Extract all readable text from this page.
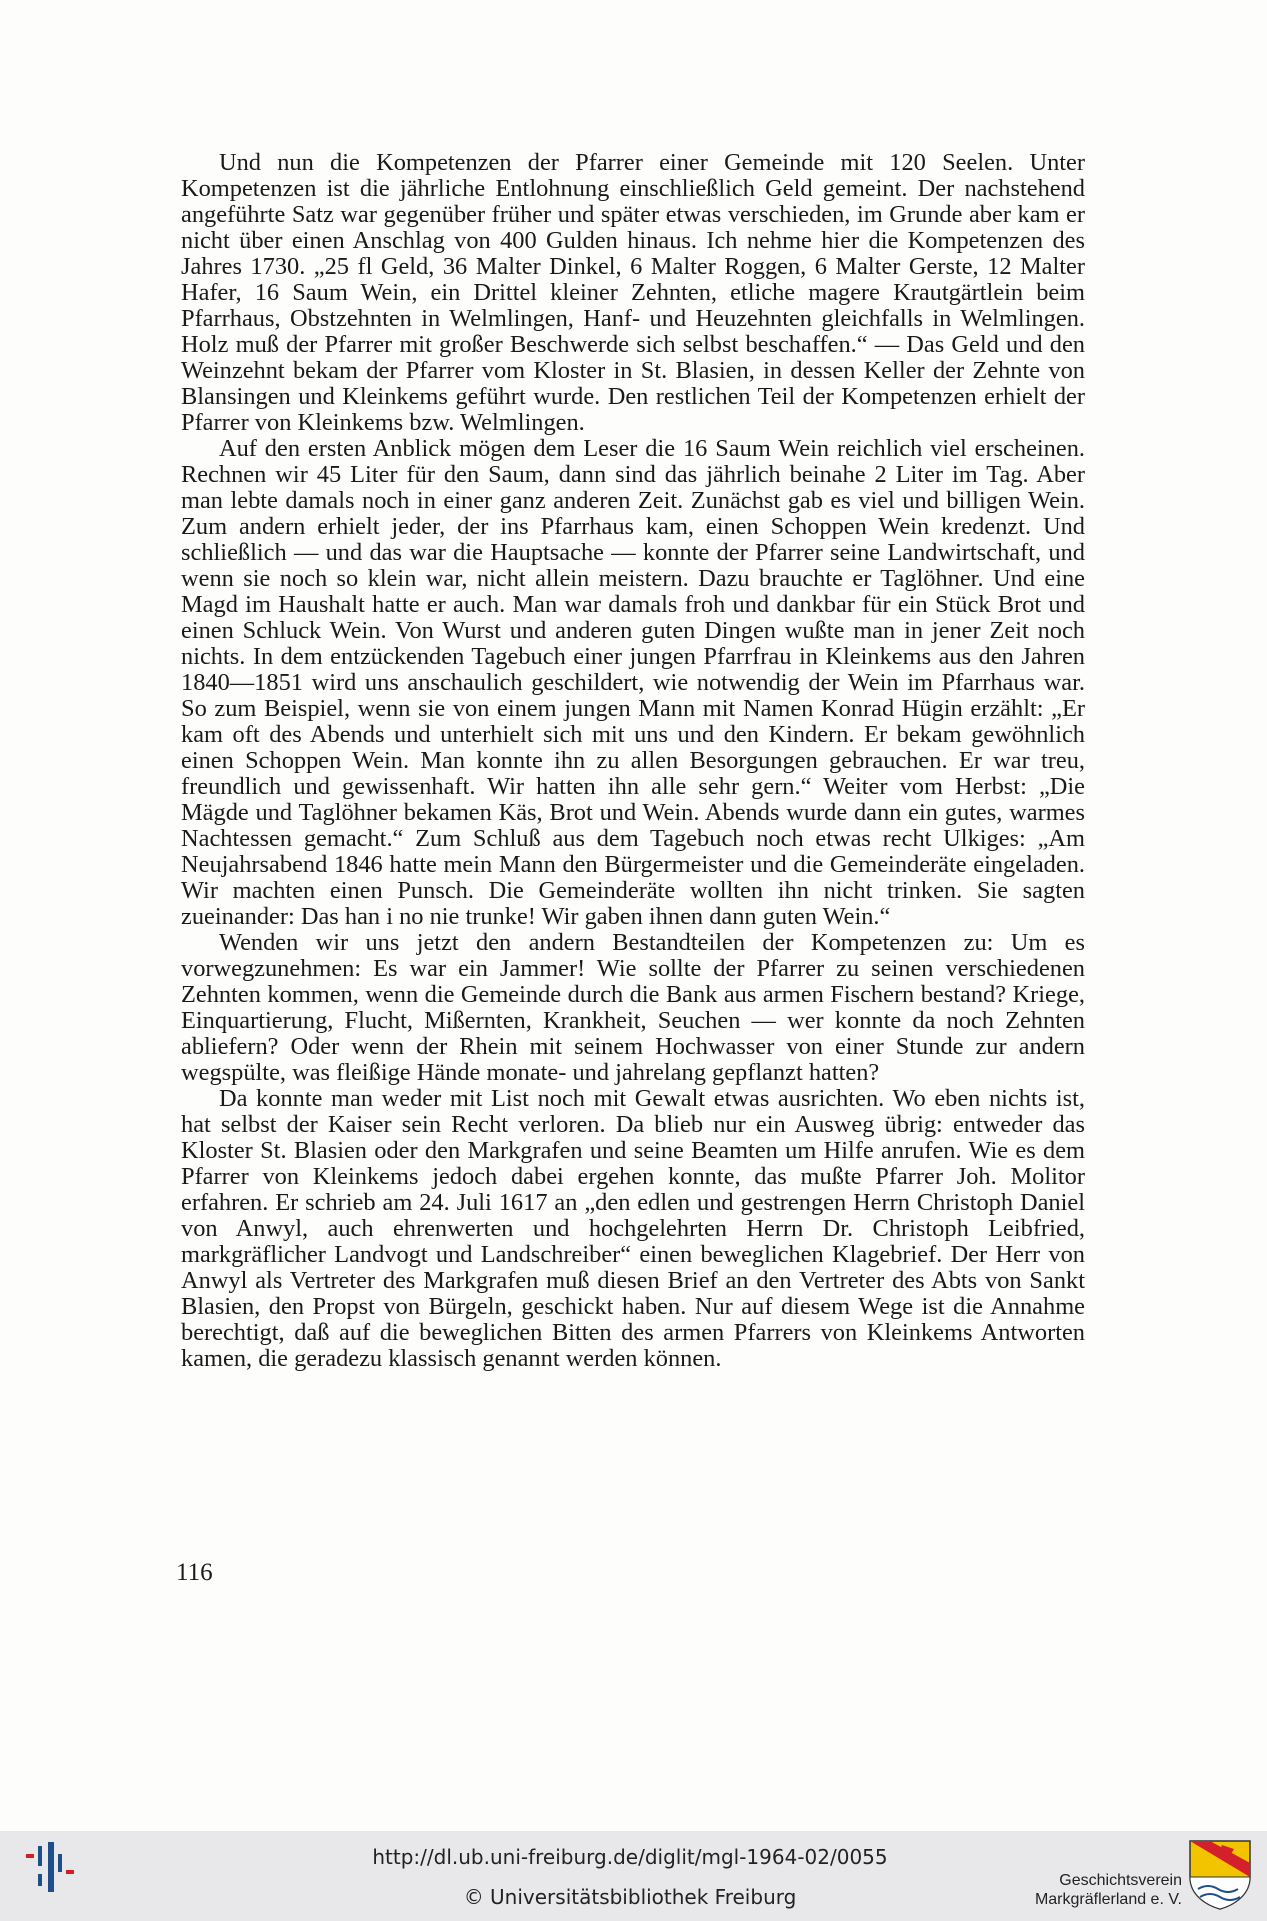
Und nun die Kompetenzen der Pfarrer einer Gemeinde mit 120 Seelen. Unter Kompetenzen ist die jährliche Entlohnung einschließlich Geld gemeint. Der nachstehend angeführte Satz war gegenüber früher und später etwas verschieden, im Grunde aber kam er nicht über einen Anschlag von 400 Gulden hinaus. Ich nehme hier die Kompetenzen des Jahres 1730. „25 fl Geld, 36 Malter Dinkel, 6 Malter Roggen, 6 Malter Gerste, 12 Malter Hafer, 16 Saum Wein, ein Drittel kleiner Zehnten, etliche magere Krautgärtlein beim Pfarrhaus, Obstzehnten in Welmlingen, Hanf- und Heuzehnten gleichfalls in Welmlingen. Holz muß der Pfarrer mit großer Beschwerde sich selbst beschaffen.“ — Das Geld und den Weinzehnt bekam der Pfarrer vom Kloster in St. Blasien, in dessen Keller der Zehnte von Blansingen und Kleinkems geführt wurde. Den restlichen Teil der Kompetenzen erhielt der Pfarrer von Kleinkems bzw. Welmlingen.

Auf den ersten Anblick mögen dem Leser die 16 Saum Wein reichlich viel erscheinen. Rechnen wir 45 Liter für den Saum, dann sind das jährlich beinahe 2 Liter im Tag. Aber man lebte damals noch in einer ganz anderen Zeit. Zunächst gab es viel und billigen Wein. Zum andern erhielt jeder, der ins Pfarrhaus kam, einen Schoppen Wein kredenzt. Und schließlich — und das war die Hauptsache — konnte der Pfarrer seine Landwirtschaft, und wenn sie noch so klein war, nicht allein meistern. Dazu brauchte er Taglöhner. Und eine Magd im Haushalt hatte er auch. Man war damals froh und dankbar für ein Stück Brot und einen Schluck Wein. Von Wurst und anderen guten Dingen wußte man in jener Zeit noch nichts. In dem entzückenden Tagebuch einer jungen Pfarrfrau in Kleinkems aus den Jahren 1840—1851 wird uns anschaulich geschildert, wie notwendig der Wein im Pfarrhaus war. So zum Beispiel, wenn sie von einem jungen Mann mit Namen Konrad Hügin erzählt: „Er kam oft des Abends und unterhielt sich mit uns und den Kindern. Er bekam gewöhnlich einen Schoppen Wein. Man konnte ihn zu allen Besorgungen gebrauchen. Er war treu, freundlich und gewissenhaft. Wir hatten ihn alle sehr gern.“ Weiter vom Herbst: „Die Mägde und Taglöhner bekamen Käs, Brot und Wein. Abends wurde dann ein gutes, warmes Nachtessen gemacht.“ Zum Schluß aus dem Tagebuch noch etwas recht Ulkiges: „Am Neujahrsabend 1846 hatte mein Mann den Bürgermeister und die Gemeinderäte eingeladen. Wir machten einen Punsch. Die Gemeinderäte wollten ihn nicht trinken. Sie sagten zueinander: Das han i no nie trunke! Wir gaben ihnen dann guten Wein.“

Wenden wir uns jetzt den andern Bestandteilen der Kompetenzen zu: Um es vorwegzunehmen: Es war ein Jammer! Wie sollte der Pfarrer zu seinen verschiedenen Zehnten kommen, wenn die Gemeinde durch die Bank aus armen Fischern bestand? Kriege, Einquartierung, Flucht, Mißernten, Krankheit, Seuchen — wer konnte da noch Zehnten abliefern? Oder wenn der Rhein mit seinem Hochwasser von einer Stunde zur andern wegspülte, was fleißige Hände monate- und jahrelang gepflanzt hatten?

Da konnte man weder mit List noch mit Gewalt etwas ausrichten. Wo eben nichts ist, hat selbst der Kaiser sein Recht verloren. Da blieb nur ein Ausweg übrig: entweder das Kloster St. Blasien oder den Markgrafen und seine Beamten um Hilfe anrufen. Wie es dem Pfarrer von Kleinkems jedoch dabei ergehen konnte, das mußte Pfarrer Joh. Molitor erfahren. Er schrieb am 24. Juli 1617 an „den edlen und gestrengen Herrn Christoph Daniel von Anwyl, auch ehrenwerten und hochgelehrten Herrn Dr. Christoph Leibfried, markgräflicher Landvogt und Landschreiber“ einen beweglichen Klagebrief. Der Herr von Anwyl als Vertreter des Markgrafen muß diesen Brief an den Vertreter des Abts von Sankt Blasien, den Propst von Bürgeln, geschickt haben. Nur auf diesem Wege ist die Annahme berechtigt, daß auf die beweglichen Bitten des armen Pfarrers von Kleinkems Antworten kamen, die geradezu klassisch genannt werden können.

116
http://dl.ub.uni-freiburg.de/diglit/mgl-1964-02/0055
© Universitätsbibliothek Freiburg
Geschichtsverein
Markgräflerland e. V.
